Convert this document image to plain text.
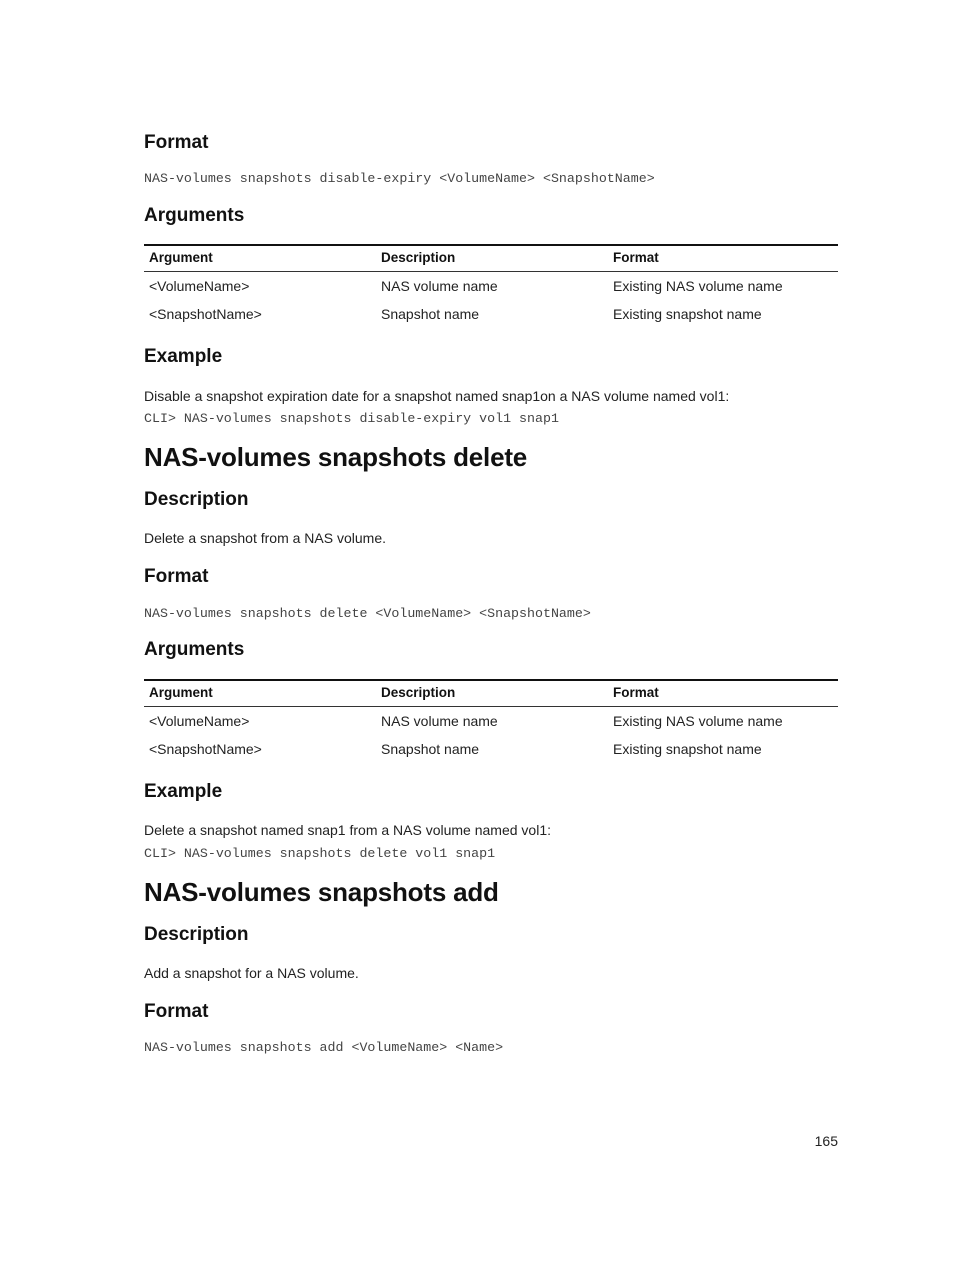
Format
NAS-volumes snapshots disable-expiry <VolumeName> <SnapshotName>
Arguments
Argument	Description	Format
<VolumeName>	NAS volume name	Existing NAS volume name
<SnapshotName>	Snapshot name	Existing snapshot name
Example

Disable a snapshot expiration date for a snapshot named snap1on a NAS volume named vol1:

CLI> NAS-volumes snapshots disable-expiry vol1 snap1
NAS-volumes snapshots delete
Description

Delete a snapshot from a NAS volume.

Format
NAS-volumes snapshots delete <VolumeName> <SnapshotName>
Arguments
Argument	Description	Format
<VolumeName>	NAS volume name	Existing NAS volume name
<SnapshotName>	Snapshot name	Existing snapshot name
Example

Delete a snapshot named snap1 from a NAS volume named vol1:

CLI> NAS-volumes snapshots delete vol1 snap1
NAS-volumes snapshots add
Description

Add a snapshot for a NAS volume.

Format
NAS-volumes snapshots add <VolumeName> <Name>
165
